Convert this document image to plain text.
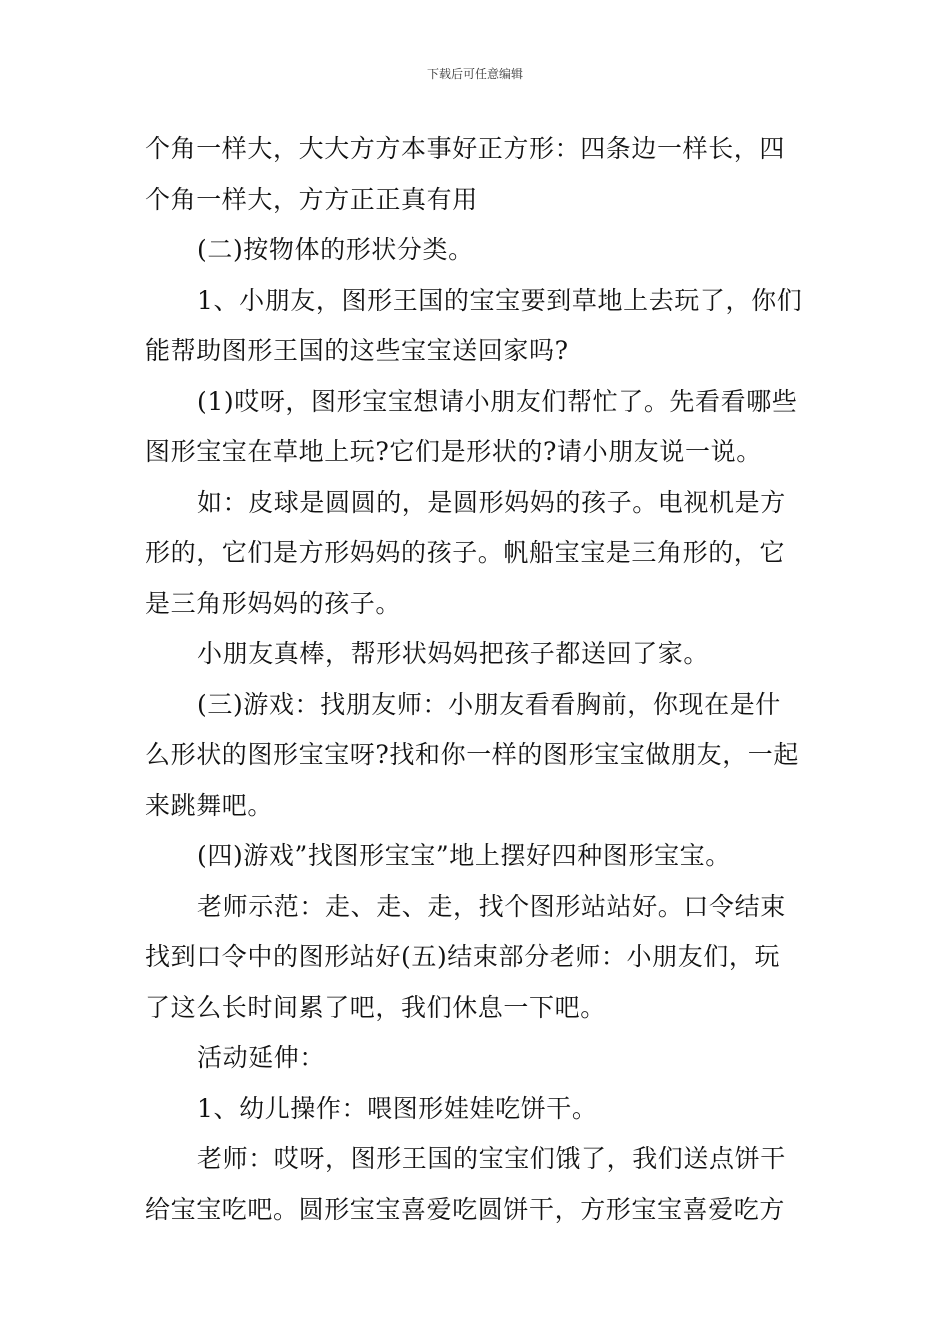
下载后可任意编辑
个角一样大，大大方方本事好正方形：四条边一样长，四
个角一样大，方方正正真有用
(二)按物体的形状分类。
1、小朋友，图形王国的宝宝要到草地上去玩了，你们
能帮助图形王国的这些宝宝送回家吗?
(1)哎呀，图形宝宝想请小朋友们帮忙了。先看看哪些
图形宝宝在草地上玩?它们是形状的?请小朋友说一说。
如：皮球是圆圆的，是圆形妈妈的孩子。电视机是方
形的，它们是方形妈妈的孩子。帆船宝宝是三角形的，它
是三角形妈妈的孩子。
小朋友真棒，帮形状妈妈把孩子都送回了家。
(三)游戏：找朋友师：小朋友看看胸前，你现在是什
么形状的图形宝宝呀?找和你一样的图形宝宝做朋友，一起
来跳舞吧。
(四)游戏”找图形宝宝”地上摆好四种图形宝宝。
老师示范：走、走、走，找个图形站站好。口令结束
找到口令中的图形站好(五)结束部分老师：小朋友们，玩
了这么长时间累了吧，我们休息一下吧。
活动延伸：
1、幼儿操作：喂图形娃娃吃饼干。
老师：哎呀，图形王国的宝宝们饿了，我们送点饼干
给宝宝吃吧。圆形宝宝喜爱吃圆饼干，方形宝宝喜爱吃方
